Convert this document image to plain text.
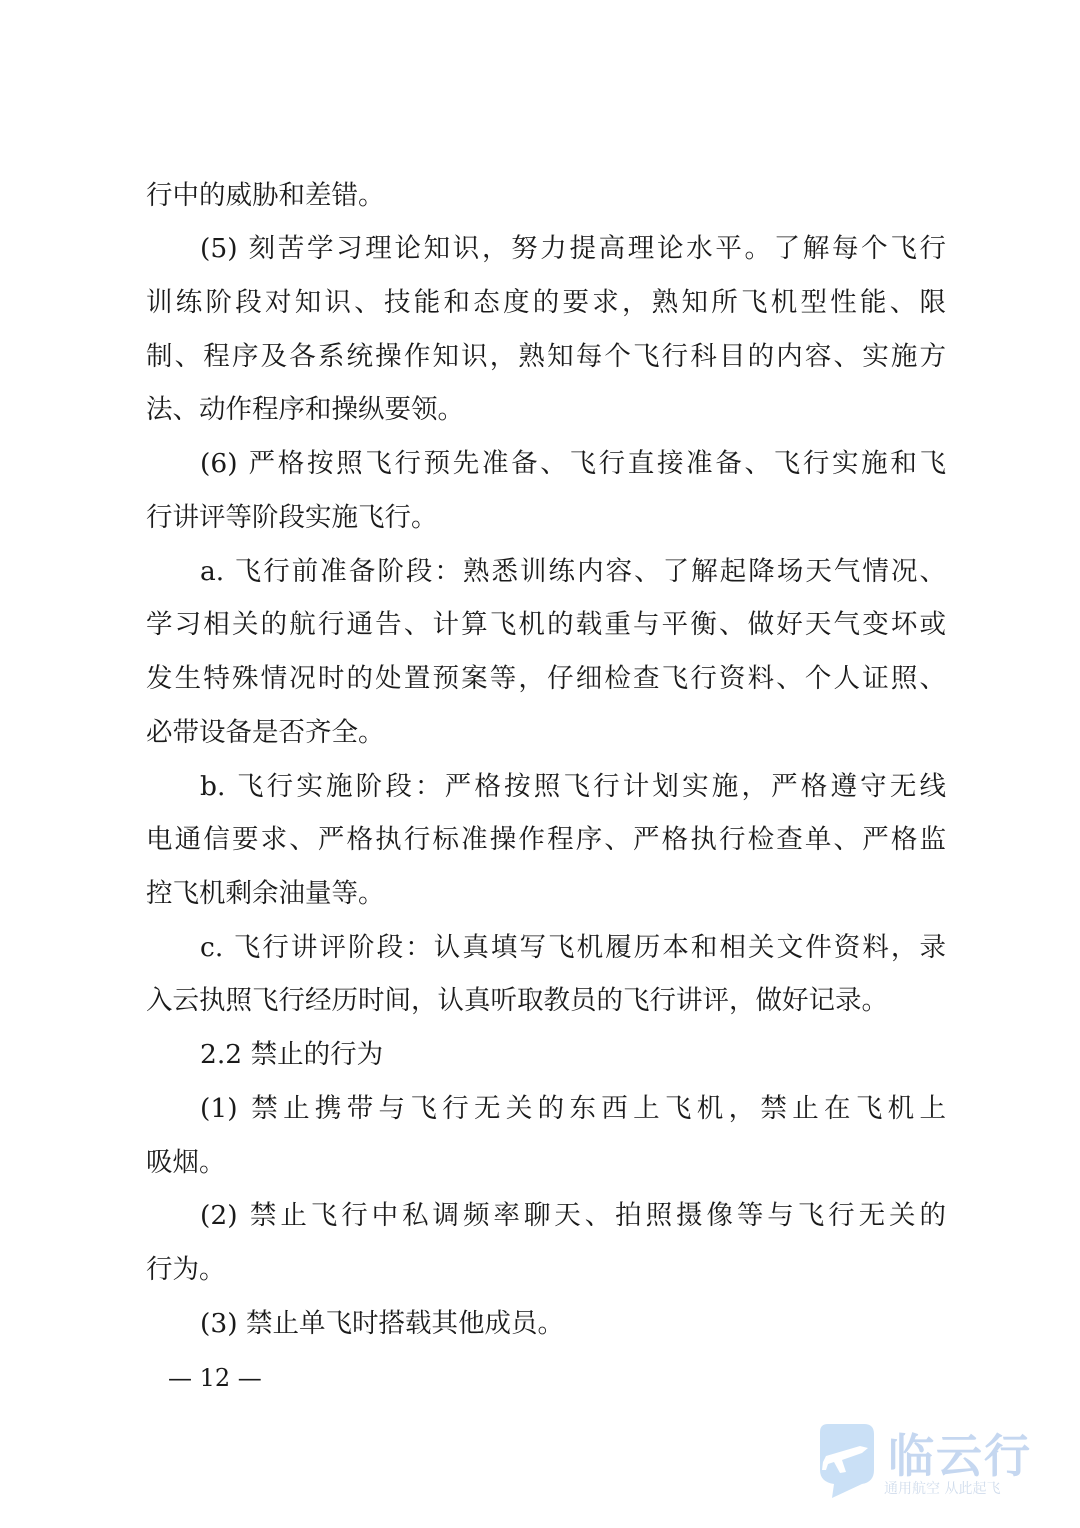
行中的威胁和差错。
(5) 刻苦学习理论知识，努力提高理论水平。了解每个飞行
训练阶段对知识、技能和态度的要求，熟知所飞机型性能、限
制、程序及各系统操作知识，熟知每个飞行科目的内容、实施方
法、动作程序和操纵要领。
(6) 严格按照飞行预先准备、飞行直接准备、飞行实施和飞
行讲评等阶段实施飞行。
a. 飞行前准备阶段：熟悉训练内容、了解起降场天气情况、
学习相关的航行通告、计算飞机的载重与平衡、做好天气变坏或
发生特殊情况时的处置预案等，仔细检查飞行资料、个人证照、
必带设备是否齐全。
b. 飞行实施阶段：严格按照飞行计划实施，严格遵守无线
电通信要求、严格执行标准操作程序、严格执行检查单、严格监
控飞机剩余油量等。
c. 飞行讲评阶段：认真填写飞机履历本和相关文件资料，录
入云执照飞行经历时间，认真听取教员的飞行讲评，做好记录。
2.2 禁止的行为
(1) 禁止携带与飞行无关的东西上飞机，禁止在飞机上
吸烟。
(2) 禁止飞行中私调频率聊天、拍照摄像等与飞行无关的
行为。
(3) 禁止单飞时搭载其他成员。
— 12 —
临云行
通用航空 从此起飞
